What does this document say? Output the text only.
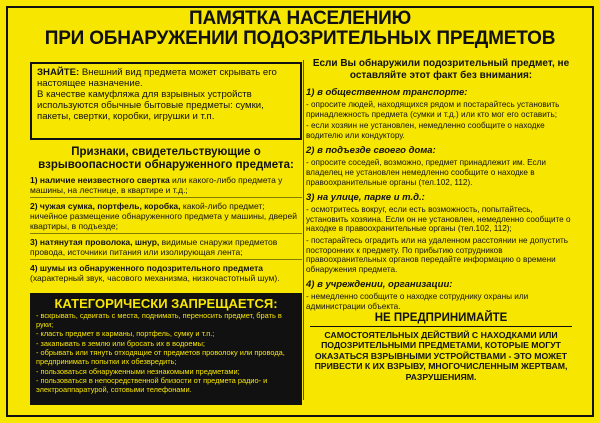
ПАМЯТКА НАСЕЛЕНИЮ
ПРИ ОБНАРУЖЕНИИ ПОДОЗРИТЕЛЬНЫХ ПРЕДМЕТОВ
ЗНАЙТЕ: Внешний вид предмета может скрывать его настоящее назначение.
В качестве камуфляжа для взрывных устройств используются обычные бытовые предметы: сумки, пакеты, свертки, коробки, игрушки и т.п.
Признаки, свидетельствующие о взрывоопасности обнаруженного предмета:
1) наличие неизвестного свертка или какого-либо предмета у машины, на лестнице, в квартире и т.д.;
2) чужая сумка, портфель, коробка, какой-либо предмет; ничейное размещение обнаруженного предмета у машины, дверей квартиры, в подъезде;
3) натянутая проволока, шнур, видимые снаружи предметов провода, источники питания или изолирующая лента;
4) шумы из обнаруженного подозрительного предмета (характерный звук, часового механизма, низкочастотный шум).
КАТЕГОРИЧЕСКИ ЗАПРЕЩАЕТСЯ:
- вскрывать, сдвигать с места, поднимать, переносить предмет, брать в руки;
- класть предмет в карманы, портфель, сумку и т.п.;
- закапывать в землю или бросать их в водоемы;
- обрывать или тянуть отходящие от предметов проволоку или провода, предпринимать попытки их обезвредить;
- пользоваться обнаруженными незнакомыми предметами;
- пользоваться в непосредственной близости от предмета радио- и электроаппаратурой, сотовыми телефонами.
Если Вы обнаружили подозрительный предмет, не оставляйте этот факт без внимания:
1) в общественном транспорте:
- опросите людей, находящихся рядом и постарайтесь установить принадлежность предмета (сумки и т.д.) или кто мог его оставить;
- если хозяин не установлен, немедленно сообщите о находке водителю или кондуктору.
2) в подъезде своего дома:
- опросите соседей, возможно, предмет принадлежит им. Если владелец не установлен немедленно сообщите о находке в правоохранительные органы (тел.102, 112).
3) на улице, парке и т.д.:
- осмотритесь вокруг, если есть возможность, попытайтесь, установить хозяина. Если он не установлен, немедленно сообщите о находке в правоохранительные органы (тел.102, 112);
- постарайтесь оградить или на удаленном расстоянии не допустить посторонних к предмету. По прибытию сотрудников правоохранительных органов передайте информацию о времени обнаружения предмета.
4) в учреждении, организации:
- немедленно сообщите о находке сотруднику охраны или администрации объекта.
НЕ ПРЕДПРИНИМАЙТЕ
САМОСТОЯТЕЛЬНЫХ ДЕЙСТВИЙ С НАХОДКАМИ ИЛИ ПОДОЗРИТЕЛЬНЫМИ ПРЕДМЕТАМИ, КОТОРЫЕ МОГУТ ОКАЗАТЬСЯ ВЗРЫВНЫМИ УСТРОЙСТВАМИ - ЭТО МОЖЕТ ПРИВЕСТИ К ИХ ВЗРЫВУ, МНОГОЧИСЛЕННЫМ ЖЕРТВАМ, РАЗРУШЕНИЯМ.
